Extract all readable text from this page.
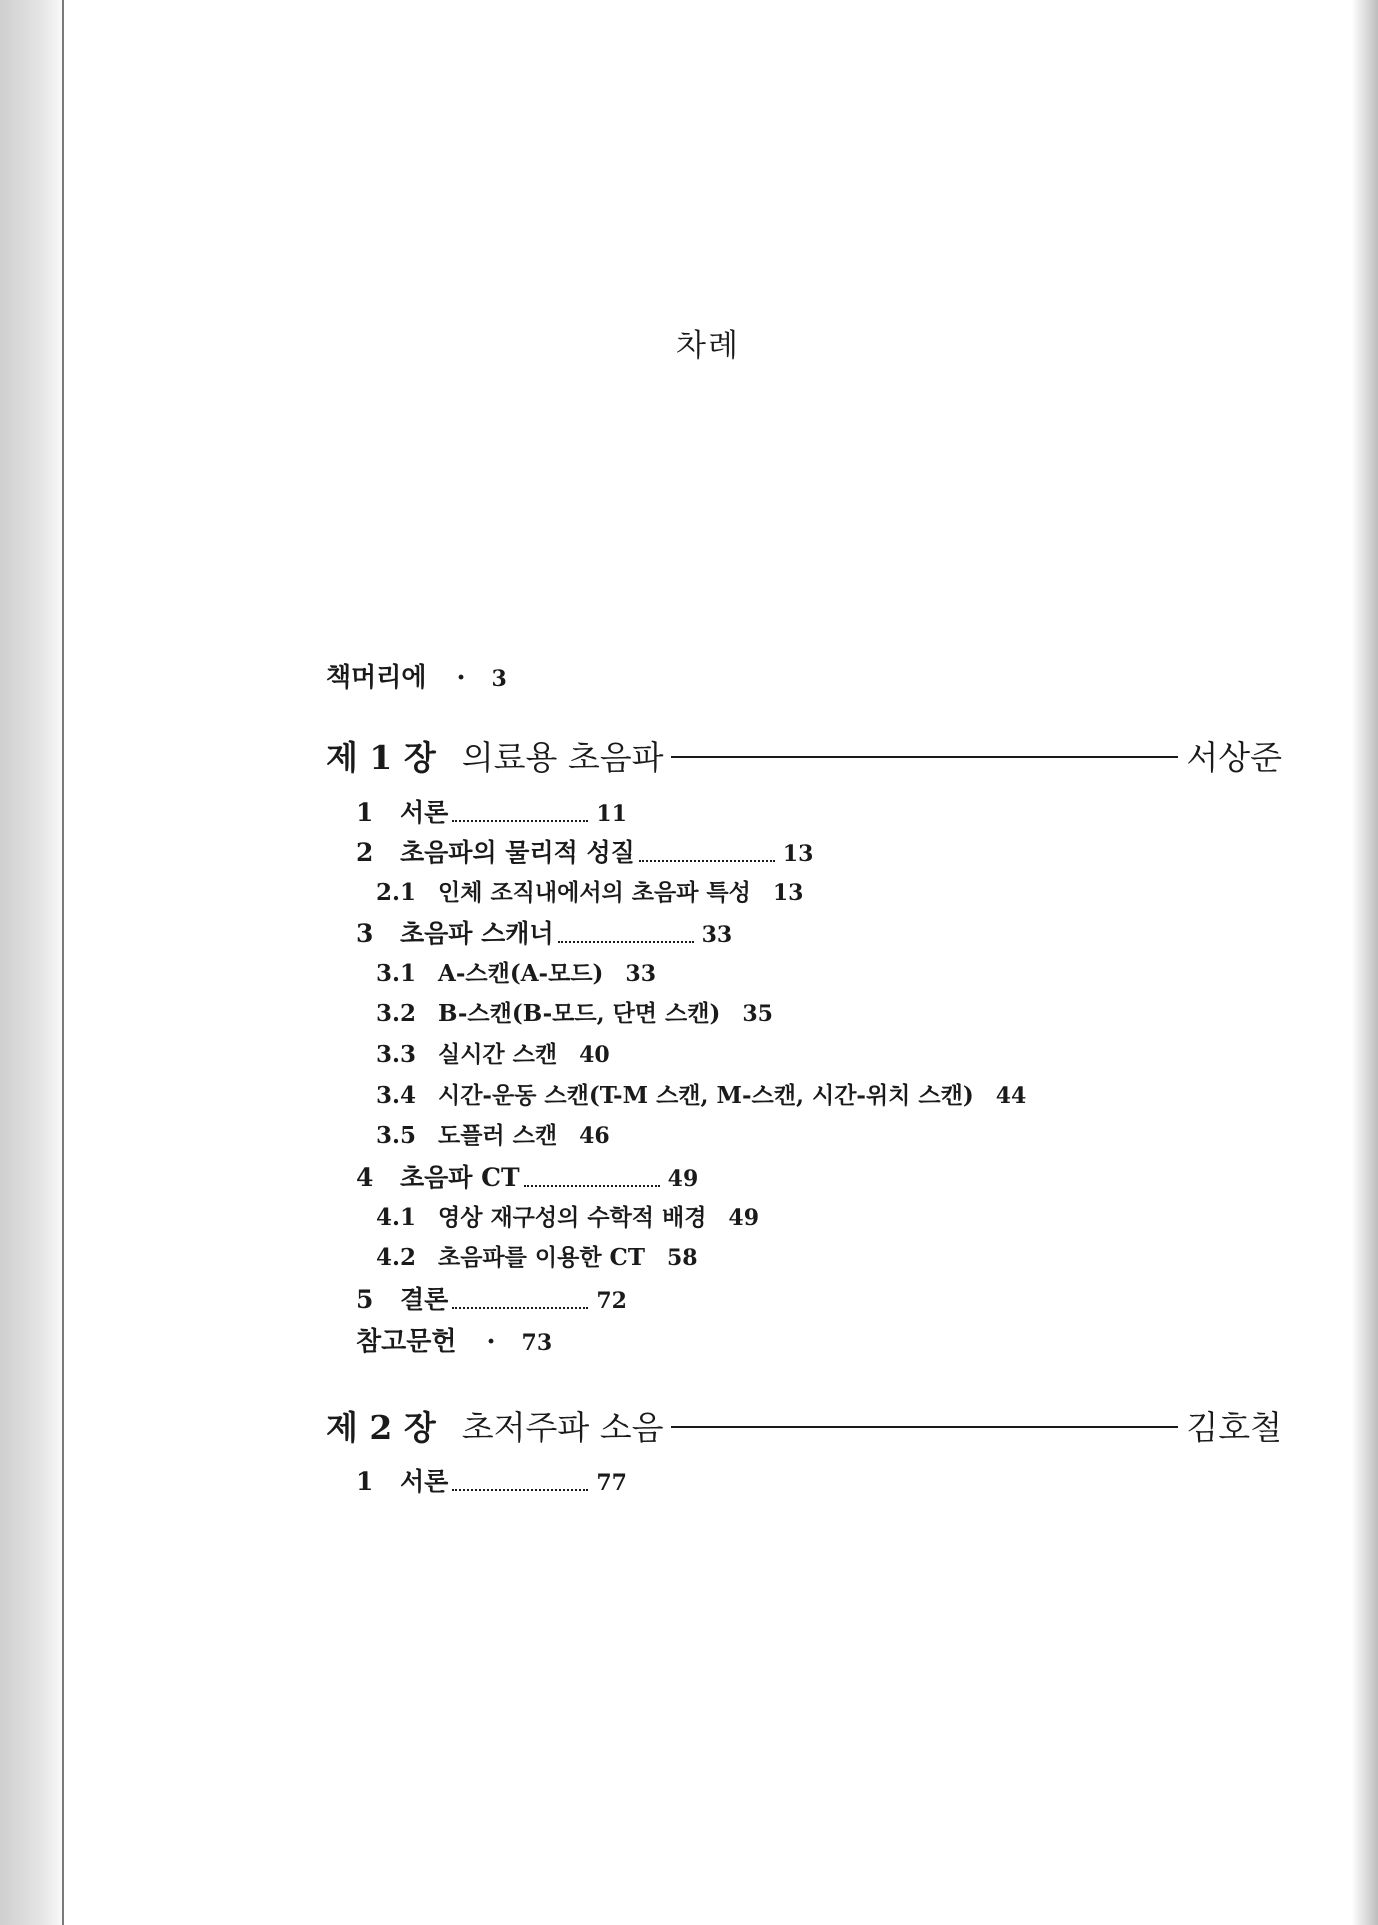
차례
책머리에 · 3
제 1 장 의료용 초음파	서상준
1 서론	11
2 초음파의 물리적 성질	13
2.1 인체 조직내에서의 초음파 특성 13
3 초음파 스캐너	33
3.1 A-스캔(A-모드) 33
3.2 B-스캔(B-모드, 단면 스캔) 35
3.3 실시간 스캔 40
3.4 시간-운동 스캔(T-M 스캔, M-스캔, 시간-위치 스캔) 44
3.5 도플러 스캔 46
4 초음파 CT	49
4.1 영상 재구성의 수학적 배경 49
4.2 초음파를 이용한 CT 58
5 결론	72
참고문헌 · 73
제 2 장 초저주파 소음	김호철
1 서론	77
